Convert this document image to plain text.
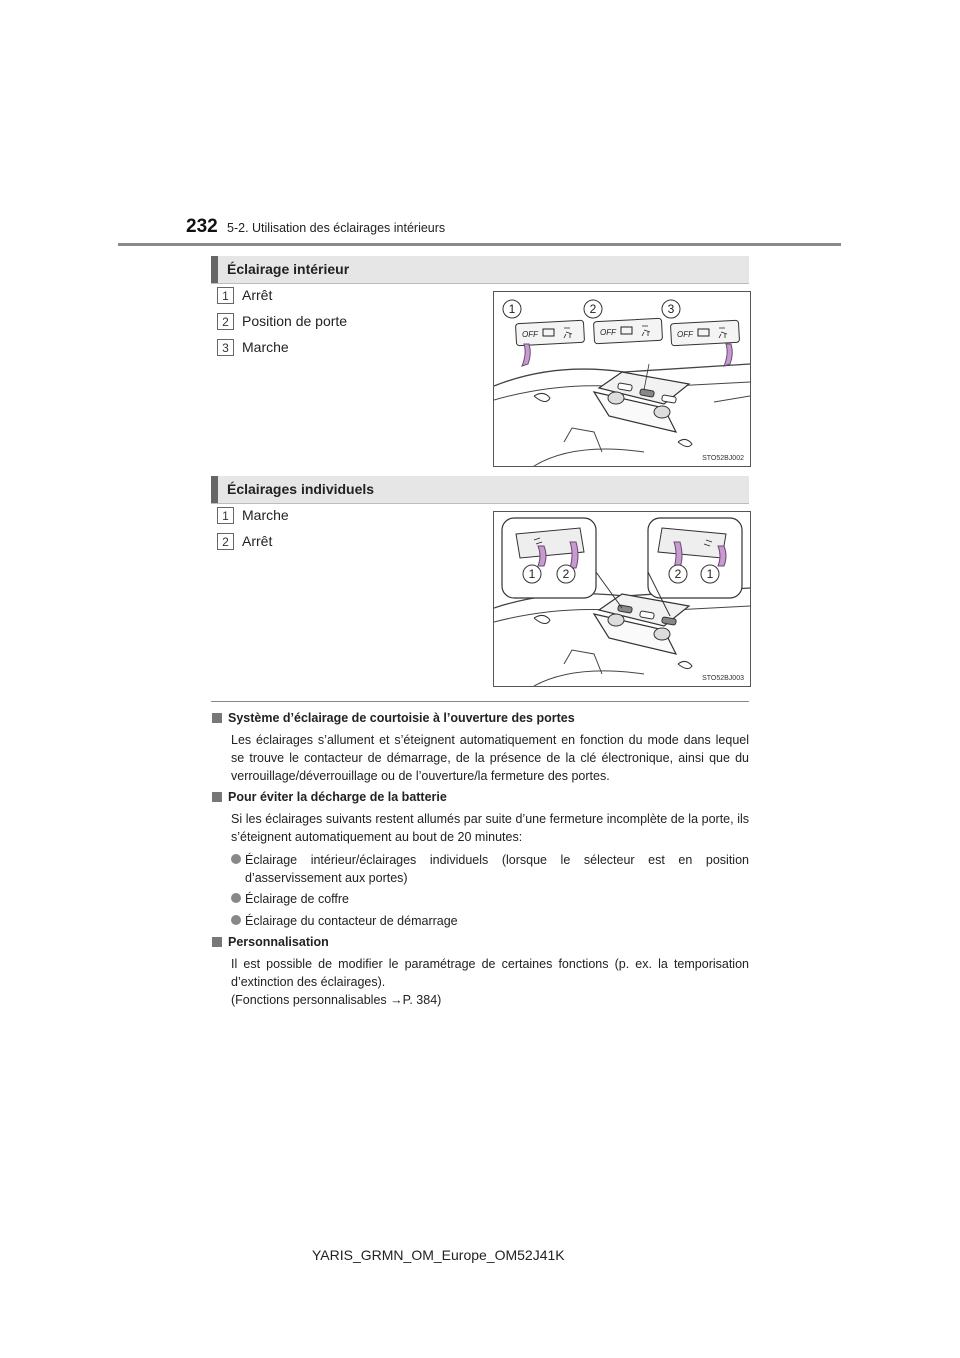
232 5-2. Utilisation des éclairages intérieurs
Éclairage intérieur
1 Arrêt
2 Position de porte
3 Marche
OFF	OFF	OFF
1	2	3
STO52BJ002
Éclairages individuels
1 Marche
2 Arrêt
1 2	2 1
STO52BJ003
Système d’éclairage de courtoisie à l’ouverture des portes
Les éclairages s’allument et s’éteignent automatiquement en fonction du mode dans lequel se trouve le contacteur de démarrage, de la présence de la clé électronique, ainsi que du verrouillage/déverrouillage ou de l’ouverture/la fermeture des portes.
Pour éviter la décharge de la batterie
Si les éclairages suivants restent allumés par suite d’une fermeture incomplète de la porte, ils s’éteignent automatiquement au bout de 20 minutes:
Éclairage intérieur/éclairages individuels (lorsque le sélecteur est en position d’asservissement aux portes)
Éclairage de coffre
Éclairage du contacteur de démarrage
Personnalisation
Il est possible de modifier le paramétrage de certaines fonctions (p. ex. la temporisation d’extinction des éclairages).
(Fonctions personnalisables →P. 384)
YARIS_GRMN_OM_Europe_OM52J41K
